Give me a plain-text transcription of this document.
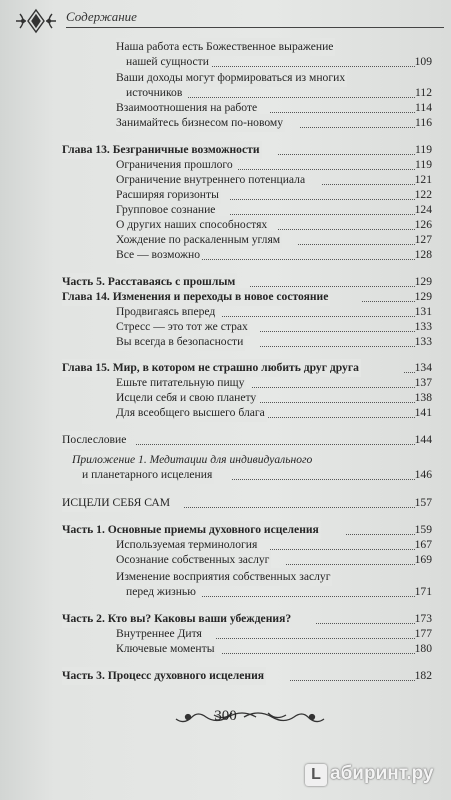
Содержание
Наша работа есть Божественное выражение
нашей сущности	109
Ваши доходы могут формироваться из многих
источников	112
Взаимоотношения на работе	114
Занимайтесь бизнесом по-новому	116
Глава 13. Безграничные возможности	119
Ограничения прошлого	119
Ограничение внутреннего потенциала	121
Расширяя горизонты	122
Групповое сознание	124
О других наших способностях	126
Хождение по раскаленным углям	127
Все — возможно	128
Часть 5. Расставаясь с прошлым	129
Глава 14. Изменения и переходы в новое состояние	129
Продвигаясь вперед	131
Стресс — это тот же страх	133
Вы всегда в безопасности	133
Глава 15. Мир, в котором не страшно любить друг друга	134
Ешьте питательную пищу	137
Исцели себя и свою планету	138
Для всеобщего высшего блага	141
Послесловие	144
Приложение 1. Медитации для индивидуального
и планетарного исцеления	146
ИСЦЕЛИ СЕБЯ САМ	157
Часть 1. Основные приемы духовного исцеления	159
Используемая терминология	167
Осознание собственных заслуг	169
Изменение восприятия собственных заслуг
перед жизнью	171
Часть 2. Кто вы? Каковы ваши убеждения?	173
Внутреннее Дитя	177
Ключевые моменты	180
Часть 3. Процесс духовного исцеления	182
300
L абиринт.ру
